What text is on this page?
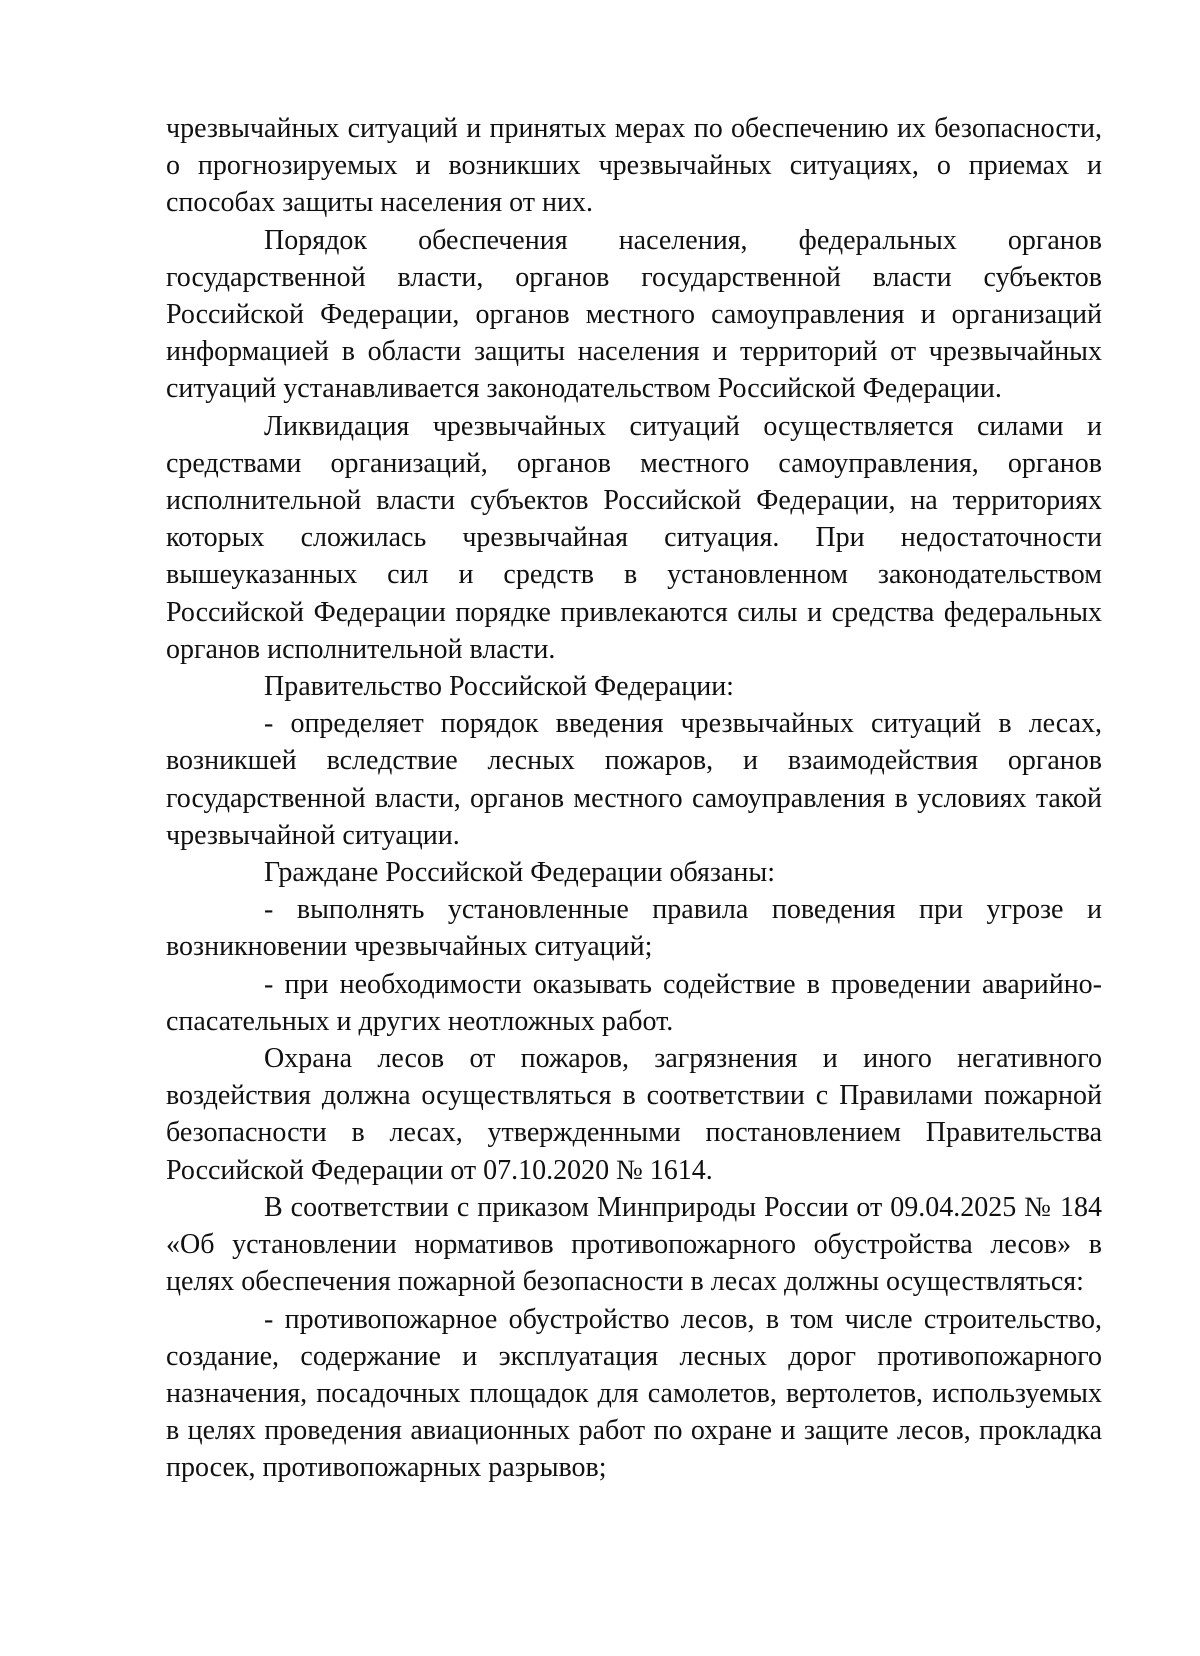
чрезвычайных ситуаций и принятых мерах по обеспечению их безопасности, о прогнозируемых и возникших чрезвычайных ситуациях, о приемах и способах защиты населения от них.

Порядок обеспечения населения, федеральных органов государственной власти, органов государственной власти субъектов Российской Федерации, органов местного самоуправления и организаций информацией в области защиты населения и территорий от чрезвычайных ситуаций устанавливается законодательством Российской Федерации.

Ликвидация чрезвычайных ситуаций осуществляется силами и средствами организаций, органов местного самоуправления, органов исполнительной власти субъектов Российской Федерации, на территориях которых сложилась чрезвычайная ситуация. При недостаточности вышеуказанных сил и средств в установленном законодательством Российской Федерации порядке привлекаются силы и средства федеральных органов исполнительной власти.

Правительство Российской Федерации:

- определяет порядок введения чрезвычайных ситуаций в лесах, возникшей вследствие лесных пожаров, и взаимодействия органов государственной власти, органов местного самоуправления в условиях такой чрезвычайной ситуации.

Граждане Российской Федерации обязаны:

- выполнять установленные правила поведения при угрозе и возникновении чрезвычайных ситуаций;

- при необходимости оказывать содействие в проведении аварийно-спасательных и других неотложных работ.

Охрана лесов от пожаров, загрязнения и иного негативного воздействия должна осуществляться в соответствии с Правилами пожарной безопасности в лесах, утвержденными постановлением Правительства Российской Федерации от 07.10.2020 № 1614.

В соответствии с приказом Минприроды России от 09.04.2025 № 184 «Об установлении нормативов противопожарного обустройства лесов» в целях обеспечения пожарной безопасности в лесах должны осуществляться:

- противопожарное обустройство лесов, в том числе строительство, создание, содержание и эксплуатация лесных дорог противопожарного назначения, посадочных площадок для самолетов, вертолетов, используемых в целях проведения авиационных работ по охране и защите лесов, прокладка просек, противопожарных разрывов;
